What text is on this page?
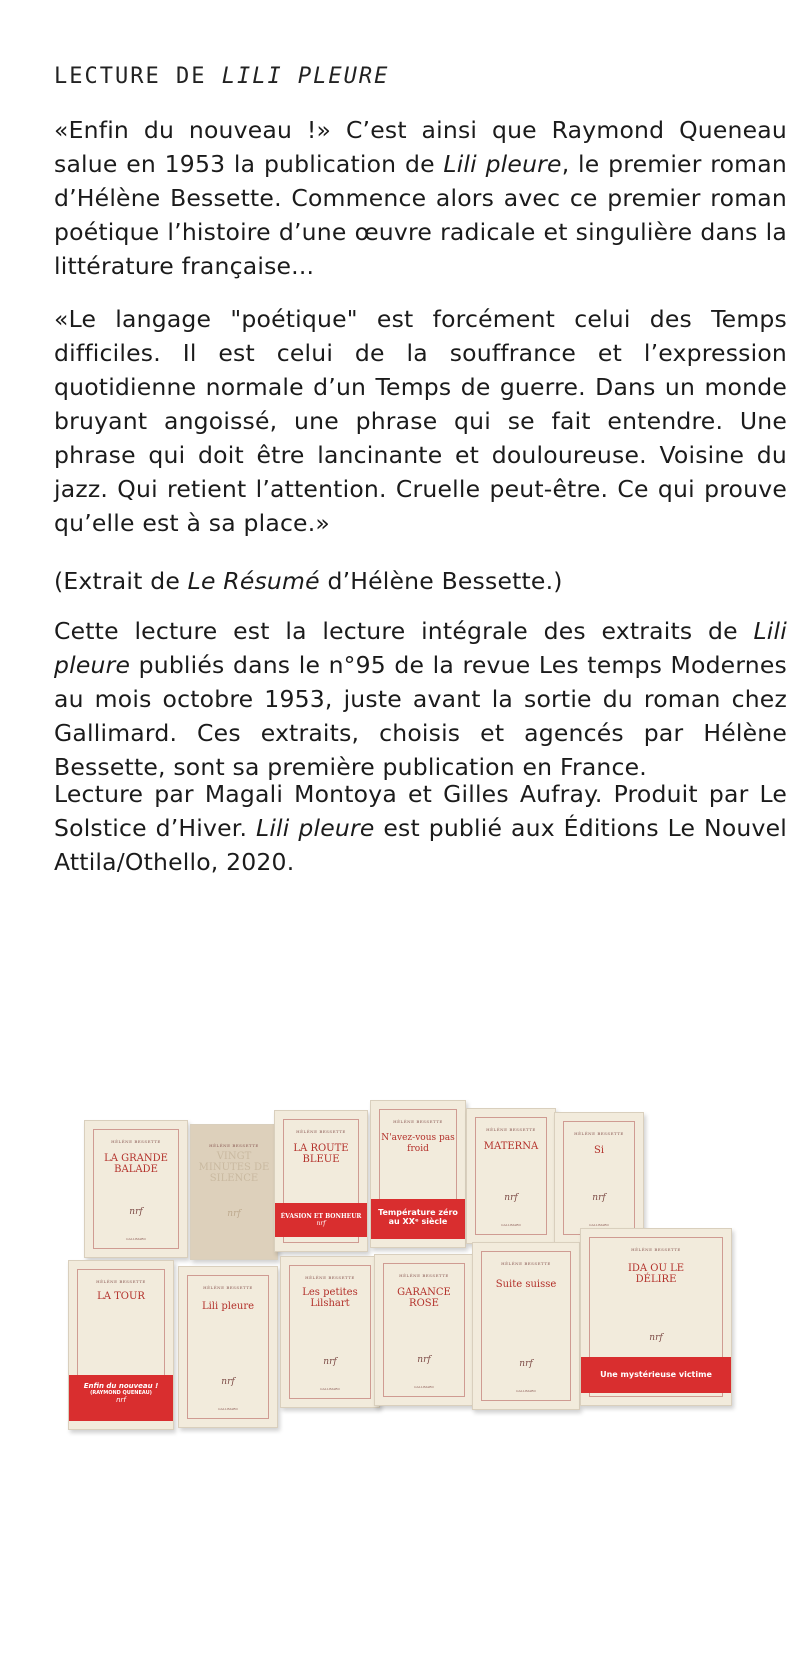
LECTURE DE LILI PLEURE

«Enfin du nouveau !» C’est ainsi que Raymond Queneau salue en 1953 la publication de Lili pleure, le premier roman d’Hélène Bessette. Commence alors avec ce premier roman poétique l’histoire d’une œuvre radicale et singulière dans la littérature française...

«Le langage "poétique" est forcément celui des Temps difficiles. Il est celui de la souffrance et l’expression quotidienne normale d’un Temps de guerre. Dans un monde bruyant angoissé, une phrase qui se fait entendre. Une phrase qui doit être lancinante et douloureuse. Voisine du jazz. Qui retient l’attention. Cruelle peut-être. Ce qui prouve qu’elle est à sa place.»

(Extrait de Le Résumé d’Hélène Bessette.)

Cette lecture est la lecture intégrale des extraits de Lili pleure publiés dans le n°95 de la revue Les temps Modernes au mois octobre 1953, juste avant la sortie du roman chez Gallimard. Ces extraits, choisis et agencés par Hélène Bessette, sont sa première publication en France.

Lecture par Magali Montoya et Gilles Aufray. Produit par Le Solstice d’Hiver. Lili pleure est publié aux Éditions Le Nouvel Attila/Othello, 2020.

HÉLÈNE BESSETTE
LA GRANDE BALADE
nrf
GALLIMARD
HÉLÈNE BESSETTE
VINGT MINUTES DE SILENCE
nrf
HÉLÈNE BESSETTE
LA ROUTE BLEUE
ÉVASION ET BONHEUR
nrf
HÉLÈNE BESSETTE
N'avez-vous pas froid
Température zéro
au XXᵉ siècle
HÉLÈNE BESSETTE
MATERNA
nrf
GALLIMARD
HÉLÈNE BESSETTE
Si
nrf
GALLIMARD
HÉLÈNE BESSETTE
LA TOUR
Enfin du nouveau !
(RAYMOND QUENEAU)
nrf
HÉLÈNE BESSETTE
Lili pleure
nrf
GALLIMARD
HÉLÈNE BESSETTE
Les petites Lilshart
nrf
GALLIMARD
HÉLÈNE BESSETTE
GARANCE ROSE
nrf
GALLIMARD
HÉLÈNE BESSETTE
Suite suisse
nrf
GALLIMARD
HÉLÈNE BESSETTE
IDA OU LE DÉLIRE
nrf
Une mystérieuse victime
